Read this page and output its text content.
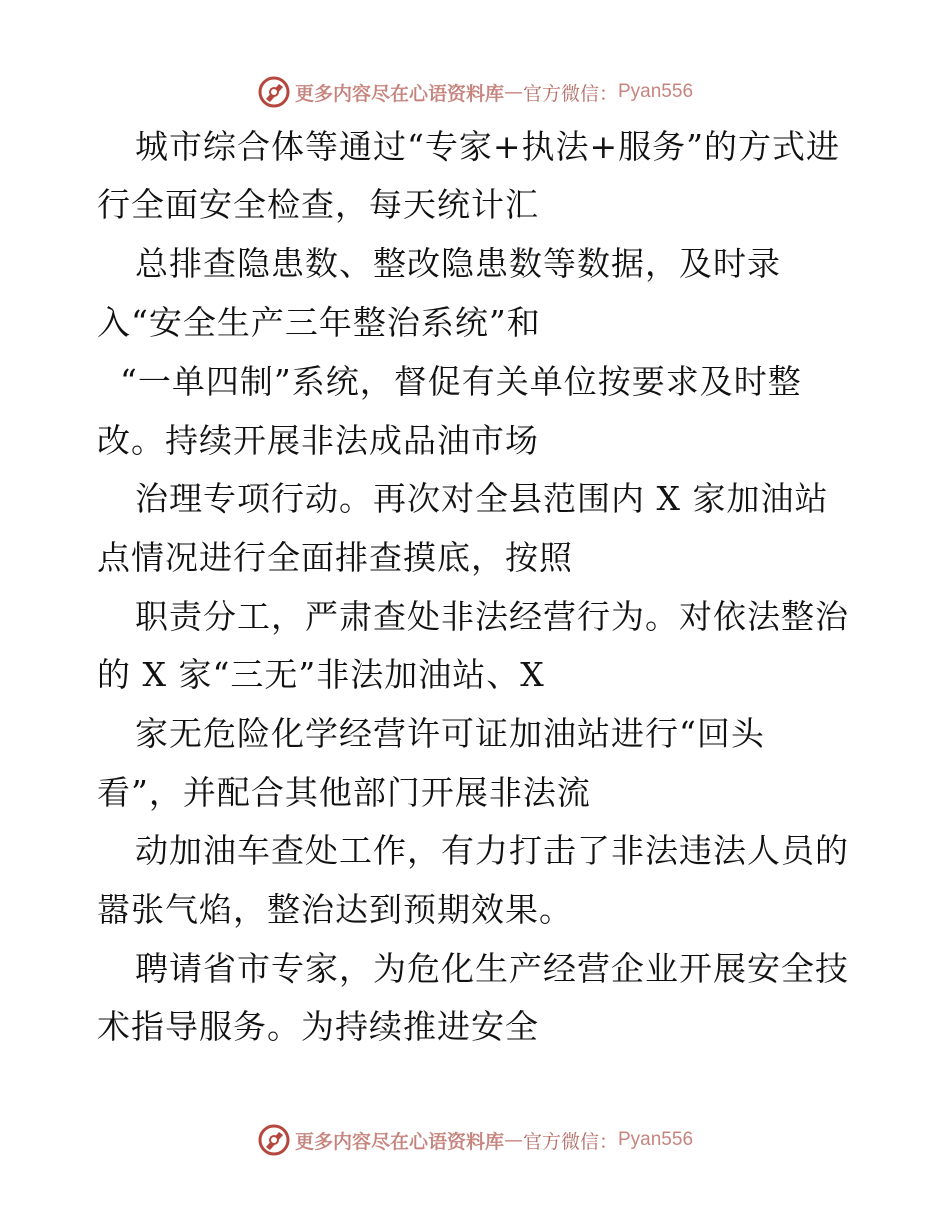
更多内容尽在心语资料库 — 官方微信： Pyan556
城市综合体等通过“专家+执法+服务”的方式进
行全面安全检查，每天统计汇
总排查隐患数、整改隐患数等数据，及时录
入“安全生产三年整治系统”和
“一单四制”系统，督促有关单位按要求及时整
改。持续开展非法成品油市场
治理专项行动。再次对全县范围内 X 家加油站
点情况进行全面排查摸底，按照
职责分工，严肃查处非法经营行为。对依法整治
的 X 家“三无”非法加油站、X
家无危险化学经营许可证加油站进行“回头
看”，并配合其他部门开展非法流
动加油车查处工作，有力打击了非法违法人员的
嚣张气焰，整治达到预期效果。
聘请省市专家，为危化生产经营企业开展安全技
术指导服务。为持续推进安全
更多内容尽在心语资料库 — 官方微信： Pyan556
